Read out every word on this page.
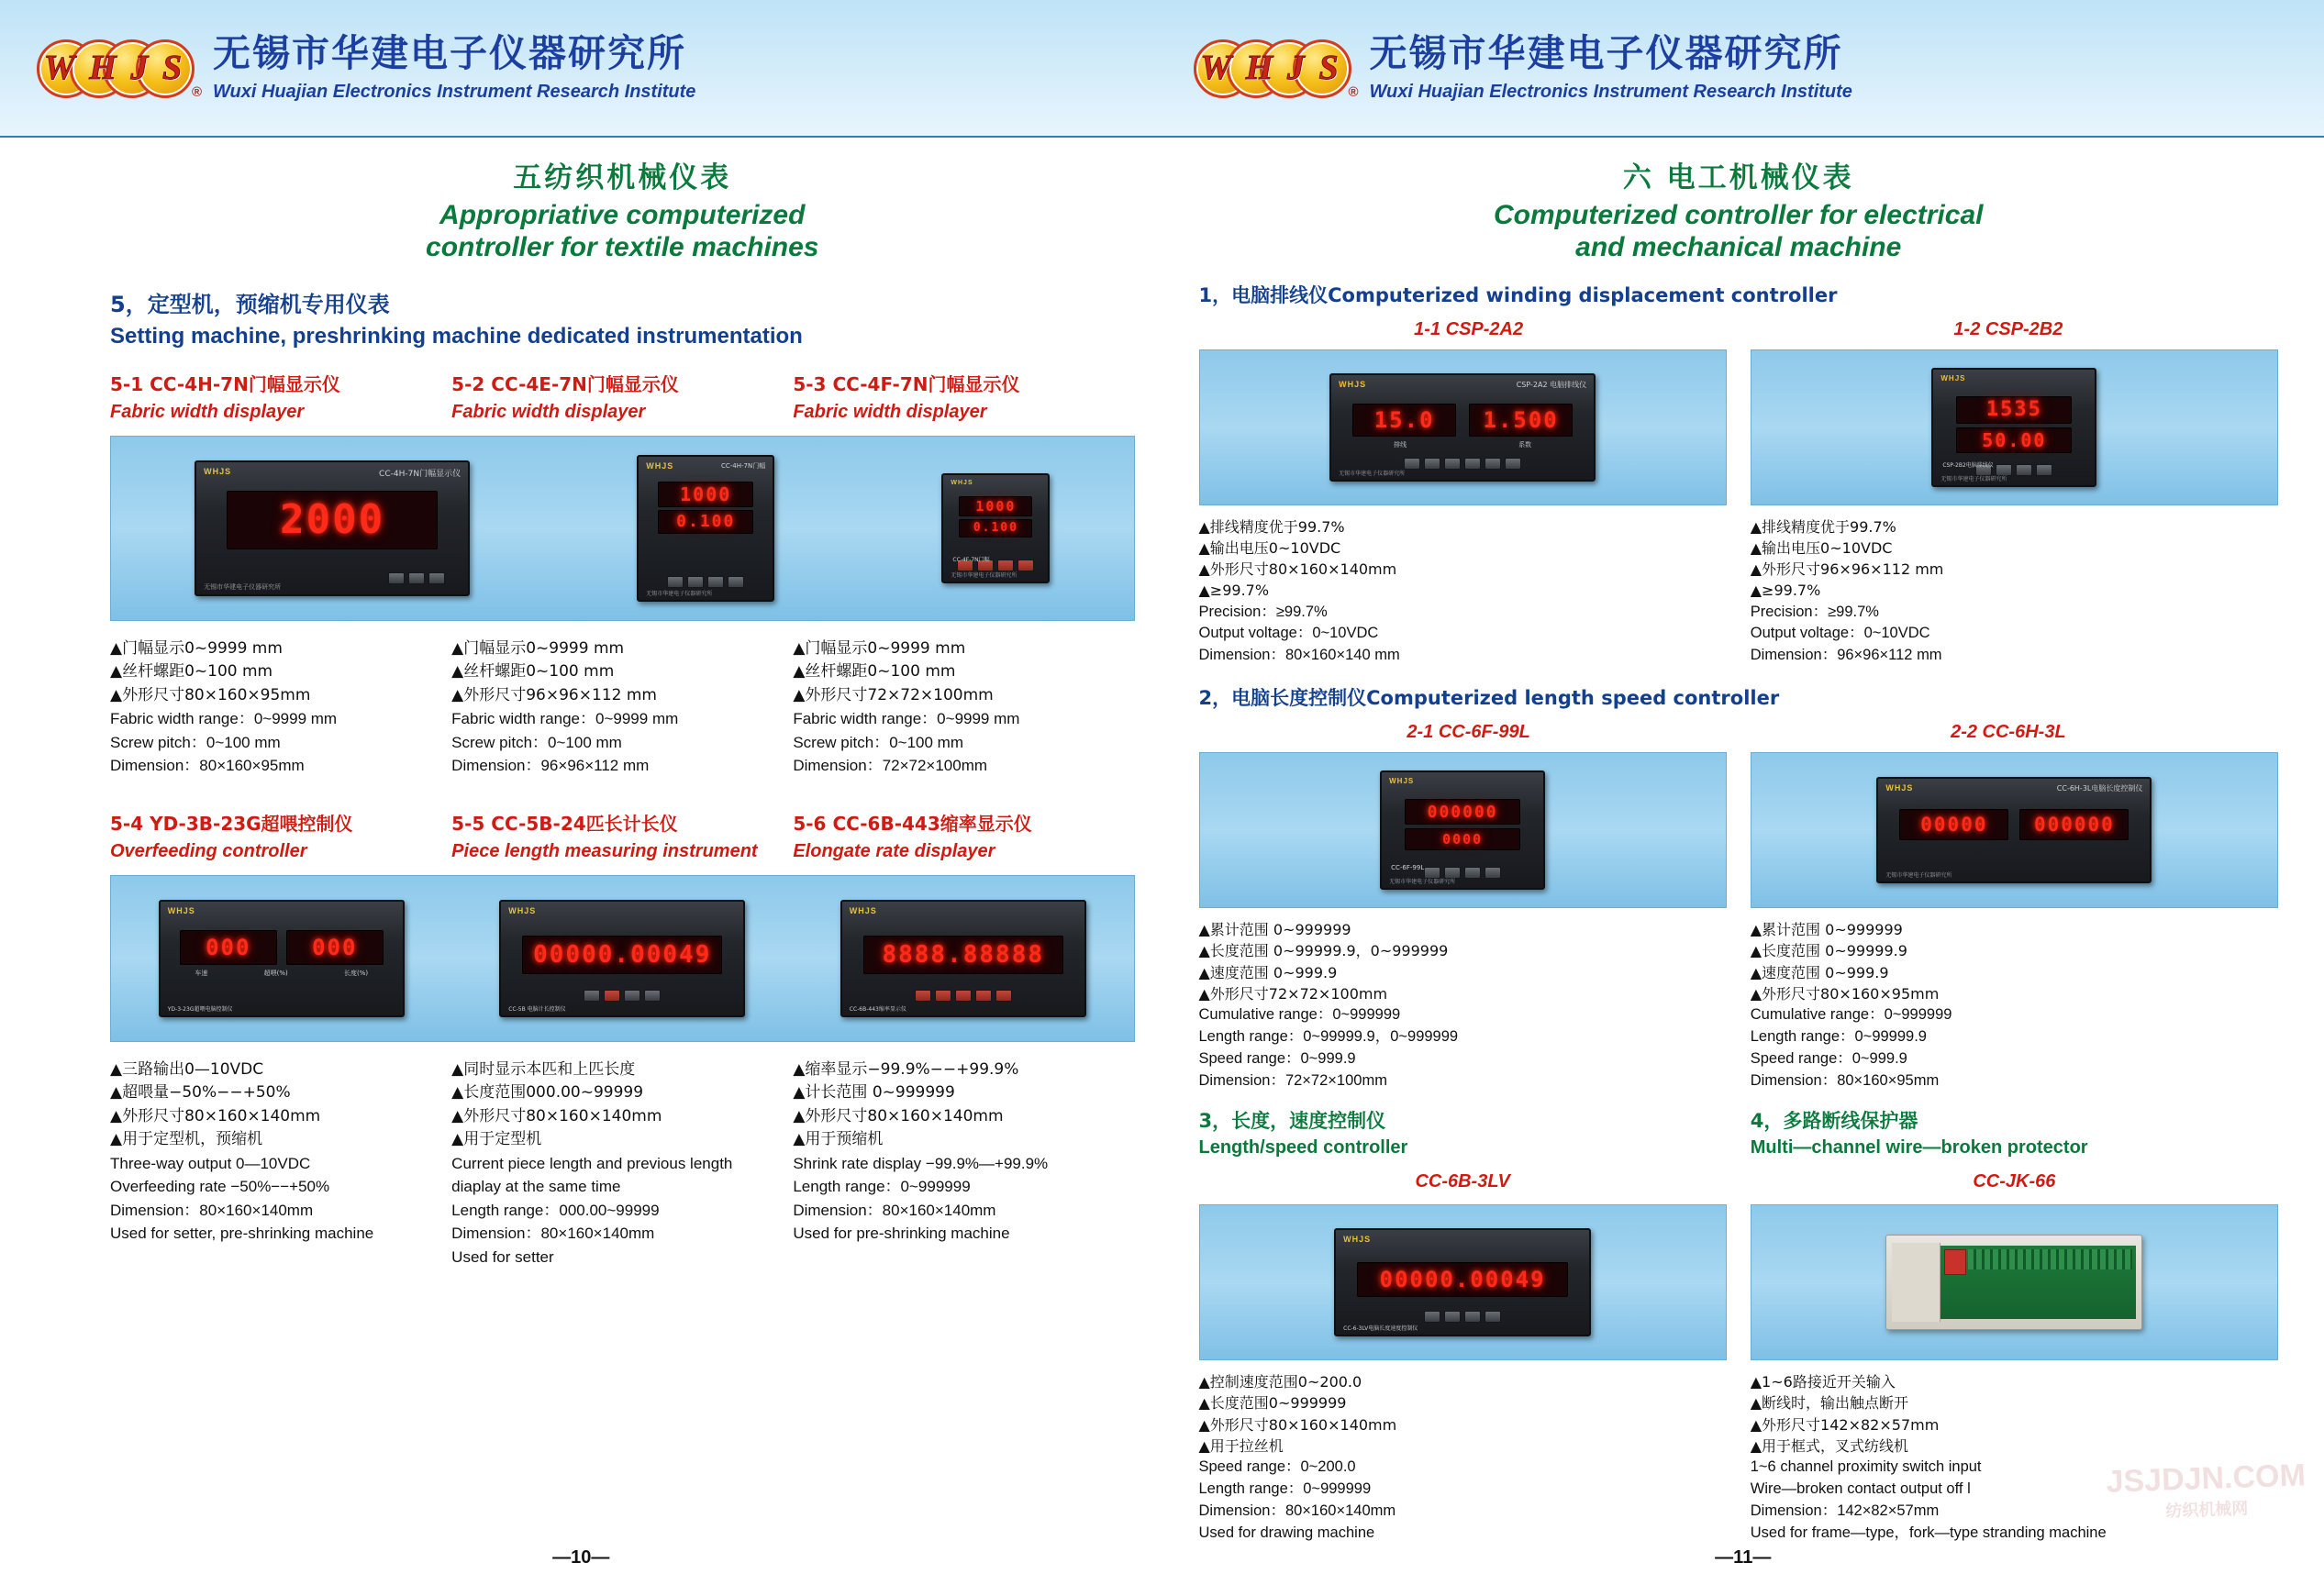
W H J S
®
无锡市华建电子仪器研究所
Wuxi Huajian Electronics Instrument Research Institute
W H J S
®
无锡市华建电子仪器研究所
Wuxi Huajian Electronics Instrument Research Institute
五纺织机械仪表
Appropriative computerized
controller for textile machines
5，定型机，预缩机专用仪表
Setting machine, preshrinking machine dedicated instrumentation
5-1 CC-4H-7N门幅显示仪
Fabric width displayer
5-2 CC-4E-7N门幅显示仪
Fabric width displayer
5-3 CC-4F-7N门幅显示仪
Fabric width displayer
WHJS	CC-4H-7N门幅显示仪
2000
无锡市华建电子仪器研究所
WHJS	CC-4H-7N门幅
1000
0.100
无锡市华建电子仪器研究所
WHJS
1000
0.100
CC-4F-7N门幅
无锡市华建电子仪器研究所
▲门幅显示0~9999 mm
▲丝杆螺距0~100 mm
▲外形尺寸80×160×95mm
Fabric width range：0~9999 mm
Screw pitch：0~100 mm
Dimension：80×160×95mm
▲门幅显示0~9999 mm
▲丝杆螺距0~100 mm
▲外形尺寸96×96×112 mm
Fabric width range：0~9999 mm
Screw pitch：0~100 mm
Dimension：96×96×112 mm
▲门幅显示0~9999 mm
▲丝杆螺距0~100 mm
▲外形尺寸72×72×100mm
Fabric width range：0~9999 mm
Screw pitch：0~100 mm
Dimension：72×72×100mm
5-4 YD-3B-23G超喂控制仪
Overfeeding controller
5-5 CC-5B-24匹长计长仪
Piece length measuring instrument
5-6 CC-6B-443缩率显示仪
Elongate rate displayer
WHJS
000	000
车速	超喂(%)	长度(%)
YD-3-23G超喂电脑控制仪
WHJS
00000.00049
CC-5B 电脑计长控制仪
WHJS
8888.88888
CC-6B-443缩率显示仪
▲三路输出0—10VDC
▲超喂量−50%−−+50%
▲外形尺寸80×160×140mm
▲用于定型机，预缩机
Three-way output 0—10VDC
Overfeeding rate −50%−−+50%
Dimension：80×160×140mm
Used for setter, pre-shrinking machine
▲同时显示本匹和上匹长度
▲长度范围000.00~99999
▲外形尺寸80×160×140mm
▲用于定型机
Current piece length and previous length diaplay at the same time
Length range：000.00~99999
Dimension：80×160×140mm
Used for setter
▲缩率显示−99.9%−−+99.9%
▲计长范围 0~999999
▲外形尺寸80×160×140mm
▲用于预缩机
Shrink rate display −99.9%—+99.9%
Length range：0~999999
Dimension：80×160×140mm
Used for pre-shrinking machine
—10—
六 电工机械仪表
Computerized controller for electrical
and mechanical machine
1，电脑排线仪Computerized winding displacement controller
1-1 CSP-2A2	1-2 CSP-2B2
WHJS	CSP-2A2 电脑排线仪
15.0	1.500
排线	系数
无锡市华建电子仪器研究所
WHJS
1535
50.00
CSP-2B2电脑排线仪
无锡市华建电子仪器研究所
▲排线精度优于99.7%
▲输出电压0~10VDC
▲外形尺寸80×160×140mm
▲≥99.7%
Precision：≥99.7%
Output voltage：0~10VDC
Dimension：80×160×140 mm
▲排线精度优于99.7%
▲输出电压0~10VDC
▲外形尺寸96×96×112 mm
▲≥99.7%
Precision：≥99.7%
Output voltage：0~10VDC
Dimension：96×96×112 mm
2，电脑长度控制仪Computerized length speed controller
2-1 CC-6F-99L	2-2 CC-6H-3L
WHJS
000000
0000
CC-6F-99L
无锡市华建电子仪器研究所
WHJS	CC-6H-3L电脑长度控制仪
00000	000000
无锡市华建电子仪器研究所
▲累计范围 0~999999
▲长度范围 0~99999.9，0~999999
▲速度范围 0~999.9
▲外形尺寸72×72×100mm
Cumulative range：0~999999
Length range：0~99999.9，0~999999
Speed range：0~999.9
Dimension：72×72×100mm
▲累计范围 0~999999
▲长度范围 0~99999.9
▲速度范围 0~999.9
▲外形尺寸80×160×95mm
Cumulative range：0~999999
Length range：0~99999.9
Speed range：0~999.9
Dimension：80×160×95mm
3，长度，速度控制仪
Length/speed controller
CC-6B-3LV
4，多路断线保护器
Multi—channel wire—broken protector
CC-JK-66
WHJS
00000.00049
CC-6-3LV电脑长度速度控制仪
▲控制速度范围0~200.0
▲长度范围0~999999
▲外形尺寸80×160×140mm
▲用于拉丝机
Speed range：0~200.0
Length range：0~999999
Dimension：80×160×140mm
Used for drawing machine
▲1~6路接近开关输入
▲断线时，输出触点断开
▲外形尺寸142×82×57mm
▲用于框式，叉式纺线机
1~6 channel proximity switch input
Wire—broken contact output off l
Dimension：142×82×57mm
Used for frame—type，fork—type stranding machine
JSJDJN.COM
纺织机械网
—11—
